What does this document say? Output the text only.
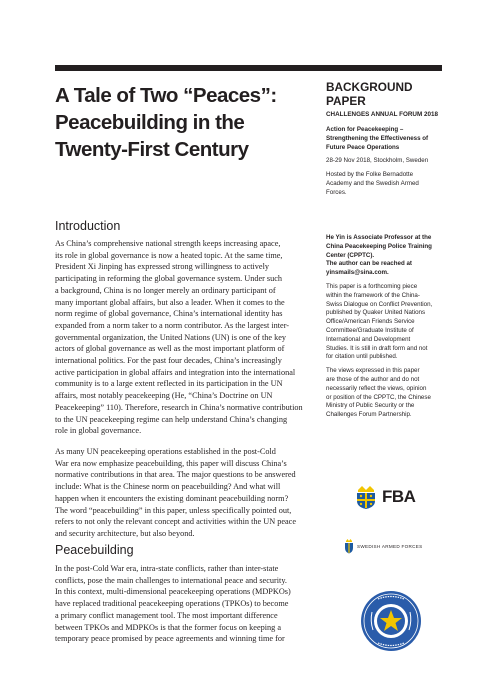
A Tale of Two “Peaces”:
Peacebuilding in the
Twenty-First Century

BACKGROUND PAPER

CHALLENGES ANNUAL FORUM 2018

Action for Peacekeeping –
Strengthening the Effectiveness of
Future Peace Operations
28-29 Nov 2018, Stockholm, Sweden
Hosted by the Folke Bernadotte
Academy and the Swedish Armed
Forces.
He Yin is Associate Professor at the
China Peacekeeping Police Training
Center (CPPTC).
The author can be reached at
yinsmails@sina.com.
This paper is a forthcoming piece
within the framework of the China-
Swiss Dialogue on Conflict Prevention,
published by Quaker United Nations
Office/American Friends Service
Committee/Graduate Institute of
International and Development
Studies. It is still in draft form and not
for citation until published.
The views expressed in this paper
are those of the author and do not
necessarily reflect the views, opinion
or position of the CPPTC, the Chinese
Ministry of Public Security or the
Challenges Forum Partnership.
Introduction
As China’s comprehensive national strength keeps increasing apace,
its role in global governance is now a heated topic. At the same time,
President Xi Jinping has expressed strong willingness to actively
participating in reforming the global governance system. Under such
a background, China is no longer merely an ordinary participant of
many important global affairs, but also a leader. When it comes to the
norm regime of global governance, China’s international identity has
expanded from a norm taker to a norm contributor. As the largest inter-
governmental organization, the United Nations (UN) is one of the key
actors of global governance as well as the most important platform of
international politics. For the past four decades, China’s increasingly
active participation in global affairs and integration into the international
community is to a large extent reflected in its participation in the UN
affairs, most notably peacekeeping (He, “China’s Doctrine on UN
Peacekeeping” 110). Therefore, research in China’s normative contribution
to the UN peacekeeping regime can help understand China’s changing
role in global governance.
As many UN peacekeeping operations established in the post-Cold
War era now emphasize peacebuilding, this paper will discuss China’s
normative contributions in that area. The major questions to be answered
include: What is the Chinese norm on peacebuilding? And what will
happen when it encounters the existing dominant peacebuilding norm?
The word “peacebuilding” in this paper, unless specifically pointed out,
refers to not only the relevant concept and activities within the UN peace
and security architecture, but also beyond.
Peacebuilding
In the post-Cold War era, intra-state conflicts, rather than inter-state
conflicts, pose the main challenges to international peace and security.
In this context, multi-dimensional peacekeeping operations (MDPKOs)
have replaced traditional peacekeeping operations (TPKOs) to become
a primary conflict management tool. The most important difference
between TPKOs and MDPKOs is that the former focus on keeping a
temporary peace promised by peace agreements and winning time for
FBA
SWEDISH ARMED FORCES
